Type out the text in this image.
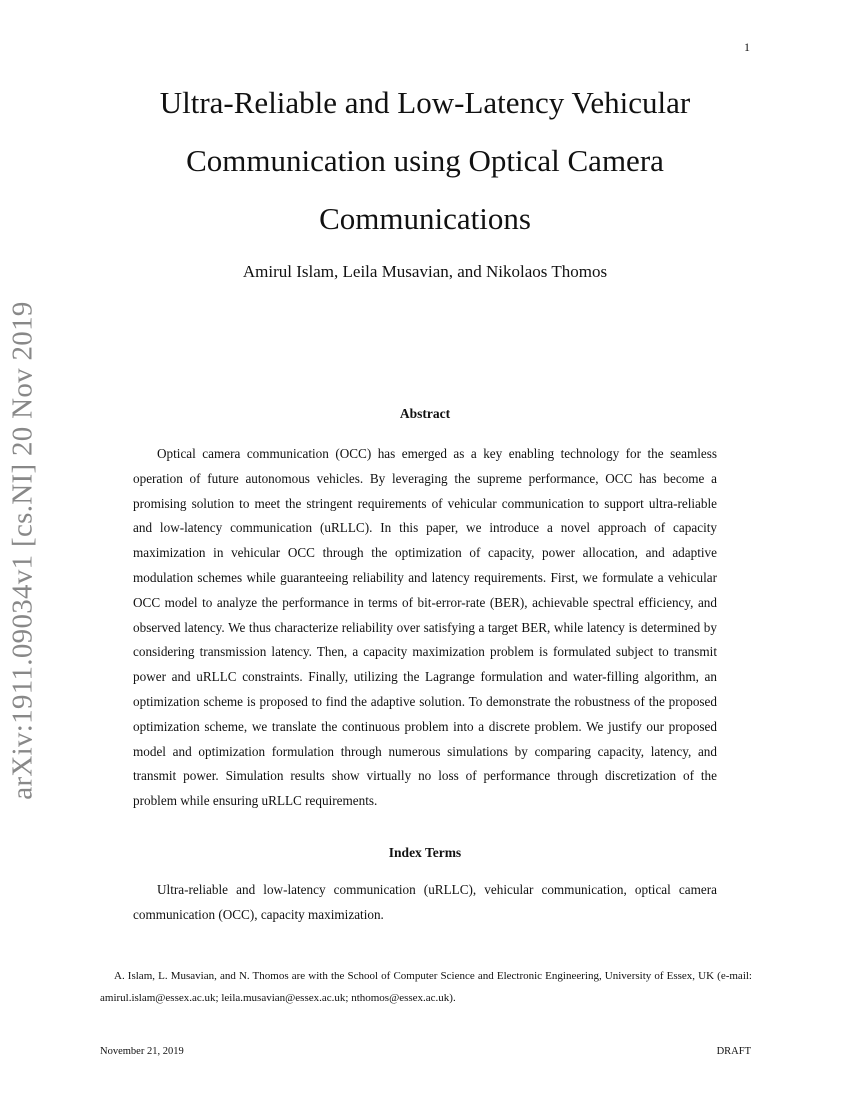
1
arXiv:1911.09034v1 [cs.NI] 20 Nov 2019
Ultra-Reliable and Low-Latency Vehicular Communication using Optical Camera Communications
Amirul Islam, Leila Musavian, and Nikolaos Thomos
Abstract

Optical camera communication (OCC) has emerged as a key enabling technology for the seamless operation of future autonomous vehicles. By leveraging the supreme performance, OCC has become a promising solution to meet the stringent requirements of vehicular communication to support ultra-reliable and low-latency communication (uRLLC). In this paper, we introduce a novel approach of capacity maximization in vehicular OCC through the optimization of capacity, power allocation, and adaptive modulation schemes while guaranteeing reliability and latency requirements. First, we formulate a vehicular OCC model to analyze the performance in terms of bit-error-rate (BER), achievable spectral efficiency, and observed latency. We thus characterize reliability over satisfying a target BER, while latency is determined by considering transmission latency. Then, a capacity maximization problem is formulated subject to transmit power and uRLLC constraints. Finally, utilizing the Lagrange formulation and water-filling algorithm, an optimization scheme is proposed to find the adaptive solution. To demonstrate the robustness of the proposed optimization scheme, we translate the continuous problem into a discrete problem. We justify our proposed model and optimization formulation through numerous simulations by comparing capacity, latency, and transmit power. Simulation results show virtually no loss of performance through discretization of the problem while ensuring uRLLC requirements.

Index Terms

Ultra-reliable and low-latency communication (uRLLC), vehicular communication, optical camera communication (OCC), capacity maximization.

A. Islam, L. Musavian, and N. Thomos are with the School of Computer Science and Electronic Engineering, University of Essex, UK (e-mail: amirul.islam@essex.ac.uk; leila.musavian@essex.ac.uk; nthomos@essex.ac.uk).

November 21, 2019	DRAFT
